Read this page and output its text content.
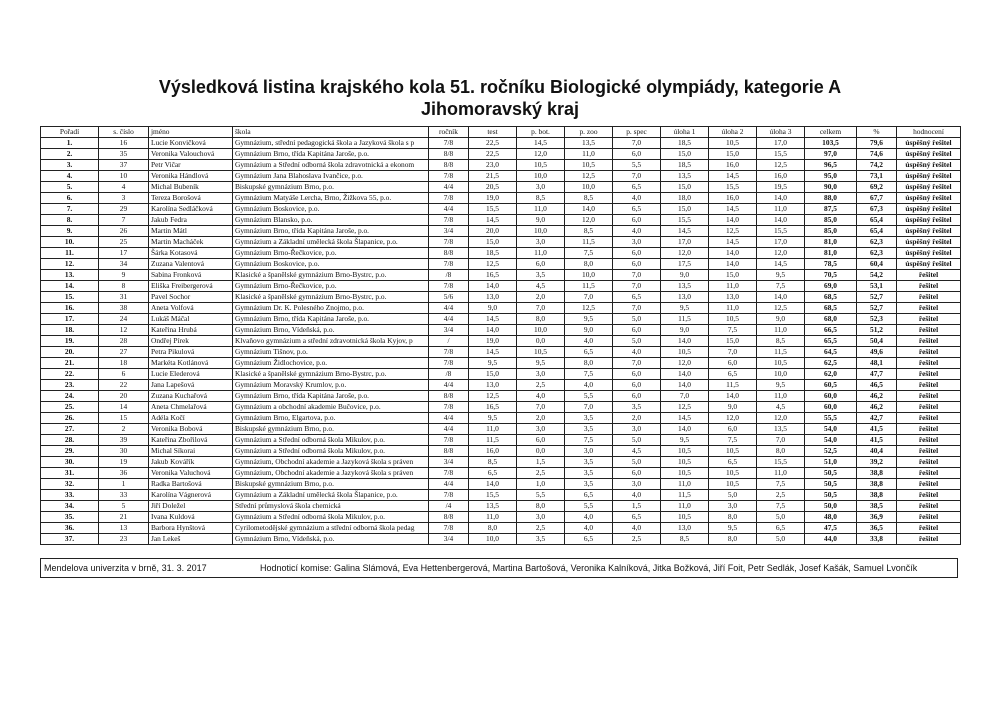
Výsledková listina krajského kola 51. ročníku Biologické olympiády, kategorie A
Jihomoravský kraj
Pořadí	s. číslo	jméno	škola	ročník	test	p. bot.	p. zoo	p. spec	úloha 1	úloha 2	úloha 3	celkem	%	hodnocení
1.	16	Lucie Konvičková	Gymnázium, střední pedagogická škola a Jazyková škola s p	7/8	22,5	14,5	13,5	7,0	18,5	10,5	17,0	103,5	79,6	úspěšný řešitel
2.	35	Veronika Valouchová	Gymnázium Brno, třída Kapitána Jaroše, p.o.	8/8	22,5	12,0	11,0	6,0	15,0	15,0	15,5	97,0	74,6	úspěšný řešitel
3.	37	Petr Vičar	Gymnázium a Střední odborná škola zdravotnická a ekonom	8/8	23,0	10,5	10,5	5,5	18,5	16,0	12,5	96,5	74,2	úspěšný řešitel
4.	10	Veronika Hándlová	Gymnázium Jana Blahoslava Ivančice, p.o.	7/8	21,5	10,0	12,5	7,0	13,5	14,5	16,0	95,0	73,1	úspěšný řešitel
5.	4	Michal Bubeník	Biskupské gymnázium Brno, p.o.	4/4	20,5	3,0	10,0	6,5	15,0	15,5	19,5	90,0	69,2	úspěšný řešitel
6.	3	Tereza Borošová	Gymnázium Matyáše Lercha, Brno, Žižkova 55, p.o.	7/8	19,0	8,5	8,5	4,0	18,0	16,0	14,0	88,0	67,7	úspěšný řešitel
7.	29	Karolína Sedláčková	Gymnázium Boskovice, p.o.	4/4	15,5	11,0	14,0	6,5	15,0	14,5	11,0	87,5	67,3	úspěšný řešitel
8.	7	Jakub Fedra	Gymnázium Blansko, p.o.	7/8	14,5	9,0	12,0	6,0	15,5	14,0	14,0	85,0	65,4	úspěšný řešitel
9.	26	Martin Mátl	Gymnázium Brno, třída Kapitána Jaroše, p.o.	3/4	20,0	10,0	8,5	4,0	14,5	12,5	15,5	85,0	65,4	úspěšný řešitel
10.	25	Martin Macháček	Gymnázium a Základní umělecká škola Šlapanice, p.o.	7/8	15,0	3,0	11,5	3,0	17,0	14,5	17,0	81,0	62,3	úspěšný řešitel
11.	17	Šárka Kotasová	Gymnázium Brno-Řečkovice, p.o.	8/8	18,5	11,0	7,5	6,0	12,0	14,0	12,0	81,0	62,3	úspěšný řešitel
12.	34	Zuzana Valentová	Gymnázium Boskovice, p.o.	7/8	12,5	6,0	8,0	6,0	17,5	14,0	14,5	78,5	60,4	úspěšný řešitel
13.	9	Sabina Fronková	Klasické a španělské gymnázium Brno-Bystrc, p.o.	/8	16,5	3,5	10,0	7,0	9,0	15,0	9,5	70,5	54,2	řešitel
14.	8	Eliška Freibergerová	Gymnázium Brno-Řečkovice, p.o.	7/8	14,0	4,5	11,5	7,0	13,5	11,0	7,5	69,0	53,1	řešitel
15.	31	Pavel Sochor	Klasické a španělské gymnázium Brno-Bystrc, p.o.	5/6	13,0	2,0	7,0	6,5	13,0	13,0	14,0	68,5	52,7	řešitel
16.	38	Aneta Volfová	Gymnázium Dr. K. Polesného Znojmo, p.o.	4/4	9,0	7,0	12,5	7,0	9,5	11,0	12,5	68,5	52,7	řešitel
17.	24	Lukáš Máčal	Gymnázium Brno, třída Kapitána Jaroše, p.o.	4/4	14,5	8,0	9,5	5,0	11,5	10,5	9,0	68,0	52,3	řešitel
18.	12	Kateřina Hrubá	Gymnázium Brno, Vídeňská, p.o.	3/4	14,0	10,0	9,0	6,0	9,0	7,5	11,0	66,5	51,2	řešitel
19.	28	Ondřej Pírek	Klvaňovo gymnázium a střední zdravotnická škola Kyjov, p	/	19,0	0,0	4,0	5,0	14,0	15,0	8,5	65,5	50,4	řešitel
20.	27	Petra Pikulová	Gymnázium Tišnov, p.o.	7/8	14,5	10,5	6,5	4,0	10,5	7,0	11,5	64,5	49,6	řešitel
21.	18	Markéta Kotlánová	Gymnázium Židlochovice, p.o.	7/8	9,5	9,5	8,0	7,0	12,0	6,0	10,5	62,5	48,1	řešitel
22.	6	Lucie Elederová	Klasické a španělské gymnázium Brno-Bystrc, p.o.	/8	15,0	3,0	7,5	6,0	14,0	6,5	10,0	62,0	47,7	řešitel
23.	22	Jana Lapešová	Gymnázium Moravský Krumlov, p.o.	4/4	13,0	2,5	4,0	6,0	14,0	11,5	9,5	60,5	46,5	řešitel
24.	20	Zuzana Kuchařová	Gymnázium Brno, třída Kapitána Jaroše, p.o.	8/8	12,5	4,0	5,5	6,0	7,0	14,0	11,0	60,0	46,2	řešitel
25.	14	Aneta Chmelařová	Gymnázium a obchodní akademie Bučovice, p.o.	7/8	16,5	7,0	7,0	3,5	12,5	9,0	4,5	60,0	46,2	řešitel
26.	15	Adéla Kočí	Gymnázium Brno, Elgartova, p.o.	4/4	9,5	2,0	3,5	2,0	14,5	12,0	12,0	55,5	42,7	řešitel
27.	2	Veronika Bobová	Biskupské gymnázium Brno, p.o.	4/4	11,0	3,0	3,5	3,0	14,0	6,0	13,5	54,0	41,5	řešitel
28.	39	Kateřina Zbořilová	Gymnázium a Střední odborná škola Mikulov, p.o.	7/8	11,5	6,0	7,5	5,0	9,5	7,5	7,0	54,0	41,5	řešitel
29.	30	Michal Síkorai	Gymnázium a Střední odborná škola Mikulov, p.o.	8/8	16,0	0,0	3,0	4,5	10,5	10,5	8,0	52,5	40,4	řešitel
30.	19	Jakub Kovářík	Gymnázium, Obchodní akademie a Jazyková škola s práven	3/4	8,5	1,5	3,5	5,0	10,5	6,5	15,5	51,0	39,2	řešitel
31.	36	Veronika Valuchová	Gymnázium, Obchodní akademie a Jazyková škola s práven	7/8	6,5	2,5	3,5	6,0	10,5	10,5	11,0	50,5	38,8	řešitel
32.	1	Radka Bartošová	Biskupské gymnázium Brno, p.o.	4/4	14,0	1,0	3,5	3,0	11,0	10,5	7,5	50,5	38,8	řešitel
33.	33	Karolína Vágnerová	Gymnázium a Základní umělecká škola Šlapanice, p.o.	7/8	15,5	5,5	6,5	4,0	11,5	5,0	2,5	50,5	38,8	řešitel
34.	5	Jiří Doležel	Střední průmyslová škola chemická	/4	13,5	8,0	5,5	1,5	11,0	3,0	7,5	50,0	38,5	řešitel
35.	21	Ivana Kuldová	Gymnázium a Střední odborná škola Mikulov, p.o.	8/8	11,0	3,0	4,0	6,5	10,5	8,0	5,0	48,0	36,9	řešitel
36.	13	Barbora Hynštová	Cyrilometodějské gymnázium a střední odborná škola pedag	7/8	8,0	2,5	4,0	4,0	13,0	9,5	6,5	47,5	36,5	řešitel
37.	23	Jan Lekeš	Gymnázium Brno, Vídeňská, p.o.	3/4	10,0	3,5	6,5	2,5	8,5	8,0	5,0	44,0	33,8	řešitel
Mendelova univerzita v brně, 31. 3. 2017	Hodnoticí komise: Galina Slámová, Eva Hettenbergerová, Martina Bartošová, Veronika Kalníková, Jitka Božková, Jiří Foit, Petr Sedlák, Josef Kašák, Samuel Lvončík
